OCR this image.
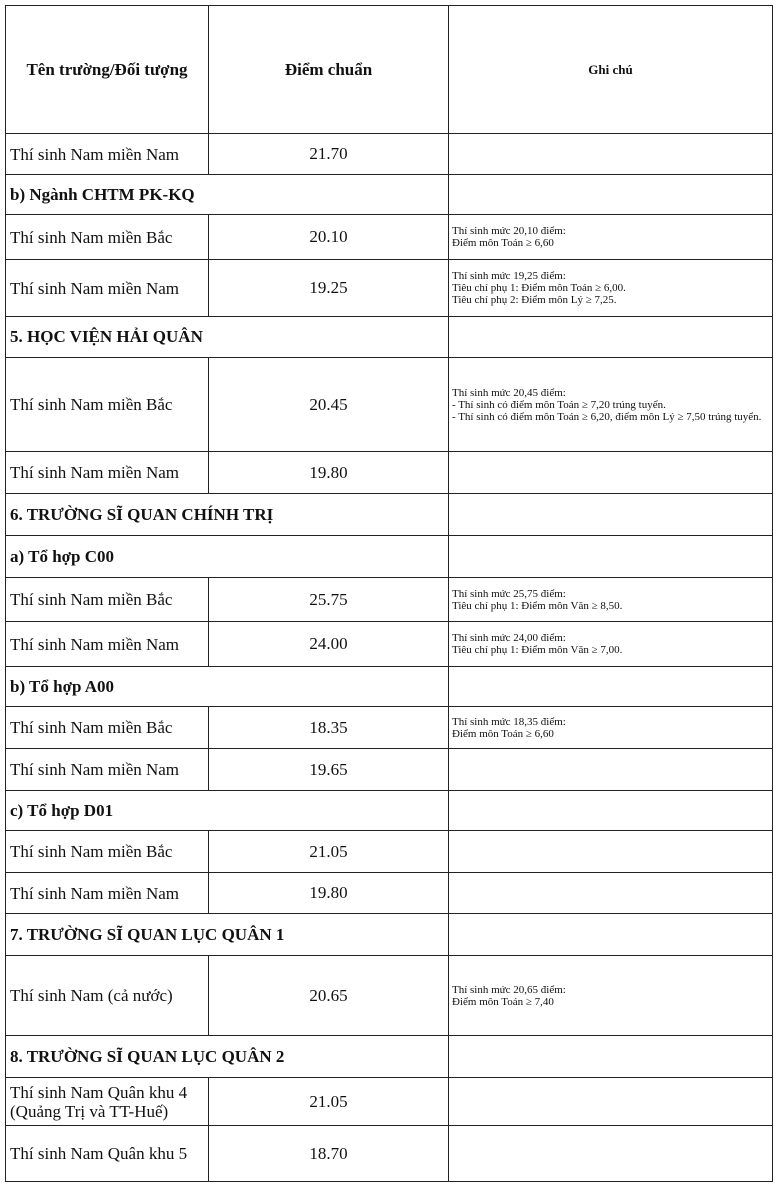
Tên trường/Đối tượng	Điểm chuẩn	Ghi chú
Thí sinh Nam miền Nam	21.70	
b) Ngành CHTM PK-KQ		
Thí sinh Nam miền Bắc	20.10	Thí sinh mức 20,10 điểm:
Điểm môn Toán ≥ 6,60

Thí sinh Nam miền Nam	19.25	Thí sinh mức 19,25 điểm:
Tiêu chí phụ 1: Điểm môn Toán ≥ 6,00.
Tiêu chí phụ 2: Điểm môn Lý ≥ 7,25.

5. HỌC VIỆN HẢI QUÂN		
Thí sinh Nam miền Bắc	20.45	Thí sinh mức 20,45 điểm:
- Thí sinh có điểm môn Toán ≥ 7,20 trúng tuyển.
- Thí sinh có điểm môn Toán ≥ 6,20, điểm môn Lý ≥ 7,50 trúng tuyển.

Thí sinh Nam miền Nam	19.80	
6. TRƯỜNG SĨ QUAN CHÍNH TRỊ		
a) Tổ hợp C00		
Thí sinh Nam miền Bắc	25.75	Thí sinh mức 25,75 điểm:
Tiêu chí phụ 1: Điểm môn Văn ≥ 8,50.

Thí sinh Nam miền Nam	24.00	Thí sinh mức 24,00 điểm:
Tiêu chí phụ 1: Điểm môn Văn ≥ 7,00.

b) Tổ hợp A00		
Thí sinh Nam miền Bắc	18.35	Thí sinh mức 18,35 điểm:
Điểm môn Toán ≥ 6,60

Thí sinh Nam miền Nam	19.65	
c) Tổ hợp D01		
Thí sinh Nam miền Bắc	21.05	
Thí sinh Nam miền Nam	19.80	
7. TRƯỜNG SĨ QUAN LỤC QUÂN 1		
Thí sinh Nam (cả nước)	20.65	Thí sinh mức 20,65 điểm:
Điểm môn Toán ≥ 7,40

8. TRƯỜNG SĨ QUAN LỤC QUÂN 2		
Thí sinh Nam Quân khu 4 (Quảng Trị và TT-Huế)	21.05	
Thí sinh Nam Quân khu 5	18.70	
